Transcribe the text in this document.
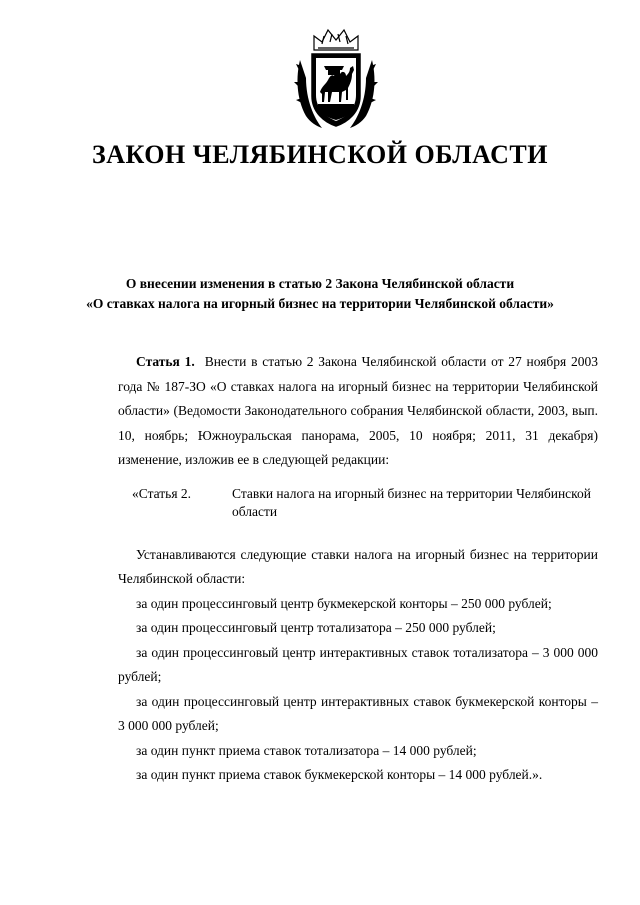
ЗАКОН ЧЕЛЯБИНСКОЙ ОБЛАСТИ
О внесении изменения в статью 2 Закона Челябинской области
«О ставках налога на игорный бизнес на территории Челябинской области»

Статья 1. Внести в статью 2 Закона Челябинской области от 27 ноября 2003 года № 187-ЗО «О ставках налога на игорный бизнес на территории Челябинской области» (Ведомости Законодательного собрания Челябинской области, 2003, вып. 10, ноябрь; Южноуральская панорама, 2005, 10 ноября; 2011, 31 декабря) изменение, изложив ее в следующей редакции:

«Статья 2.	Ставки налога на игорный бизнес на территории Челябинской области

Устанавливаются следующие ставки налога на игорный бизнес на территории Челябинской области:

за один процессинговый центр букмекерской конторы – 250 000 рублей;

за один процессинговый центр тотализатора – 250 000 рублей;

за один процессинговый центр интерактивных ставок тотализатора – 3 000 000 рублей;

за один процессинговый центр интерактивных ставок букмекерской конторы – 3 000 000 рублей;

за один пункт приема ставок тотализатора – 14 000 рублей;

за один пункт приема ставок букмекерской конторы – 14 000 рублей.».
